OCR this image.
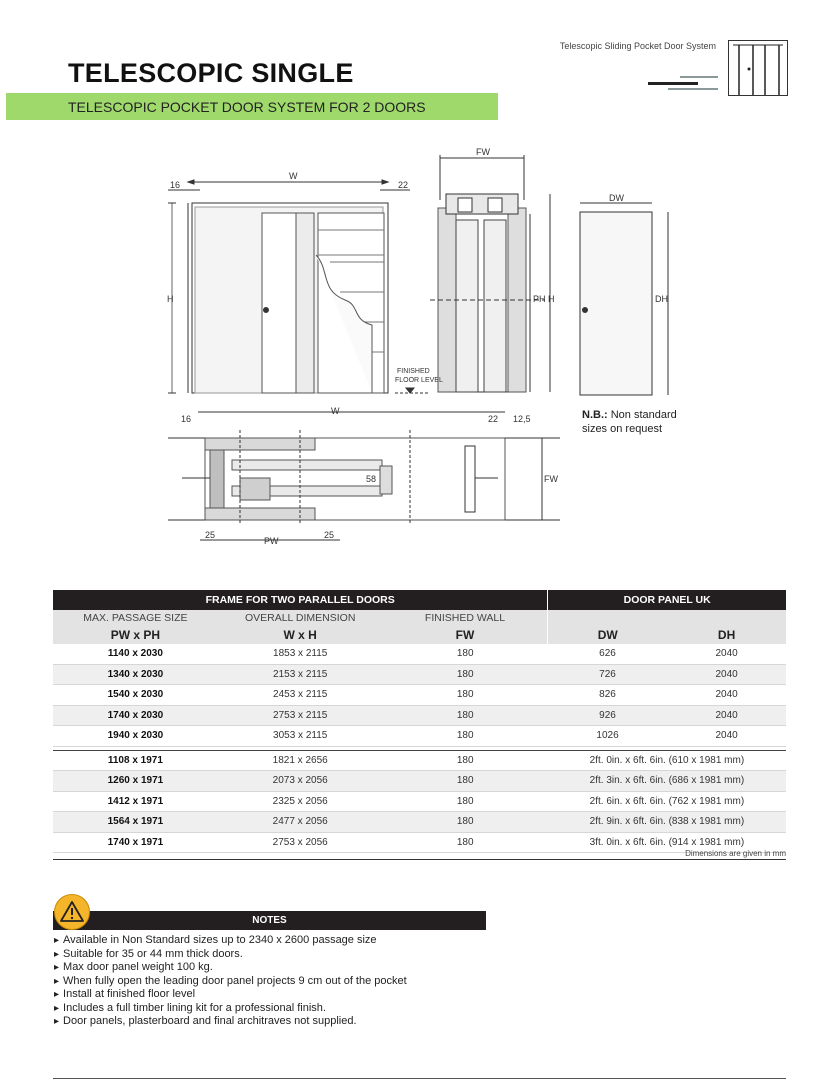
Telescopic Sliding Pocket Door System
TELESCOPIC SINGLE
TELESCOPIC POCKET DOOR SYSTEM FOR 2 DOORS
16
W
22
H
FINISHED
FLOOR LEVEL
FW
PH H
DW
DH
16
W
22 12,5
FW
58
25
PW
25
N.B.: Non standard
sizes on request
FRAME FOR TWO PARALLEL DOORS			DOOR PANEL UK	
MAX. PASSAGE SIZE	OVERALL DIMENSION	FINISHED WALL		
PW x PH	W x H	FW	DW	DH
1140 x 2030	1853 x 2115	180	626	2040
1340 x 2030	2153 x 2115	180	726	2040
1540 x 2030	2453 x 2115	180	826	2040
1740 x 2030	2753 x 2115	180	926	2040
1940 x 2030	3053 x 2115	180	1026	2040

1108 x 1971	1821 x 2656	180	2ft. 0in. x 6ft. 6in. (610 x 1981 mm)	
1260 x 1971	2073 x 2056	180	2ft. 3in. x 6ft. 6in. (686 x 1981 mm)	
1412 x 1971	2325 x 2056	180	2ft. 6in. x 6ft. 6in. (762 x 1981 mm)	
1564 x 1971	2477 x 2056	180	2ft. 9in. x 6ft. 6in. (838 x 1981 mm)	
1740 x 1971	2753 x 2056	180	3ft. 0in. x 6ft. 6in. (914 x 1981 mm)	
Dimensions are given in mm
NOTES
▸ Available in Non Standard sizes up to 2340 x 2600 passage size
▸ Suitable for 35 or 44 mm thick doors.
▸ Max door panel weight 100 kg.
▸ When fully open the leading door panel projects 9 cm out of the pocket
▸ Install at finished floor level
▸ Includes a full timber lining kit for a professional finish.
▸ Door panels, plasterboard and final architraves not supplied.
